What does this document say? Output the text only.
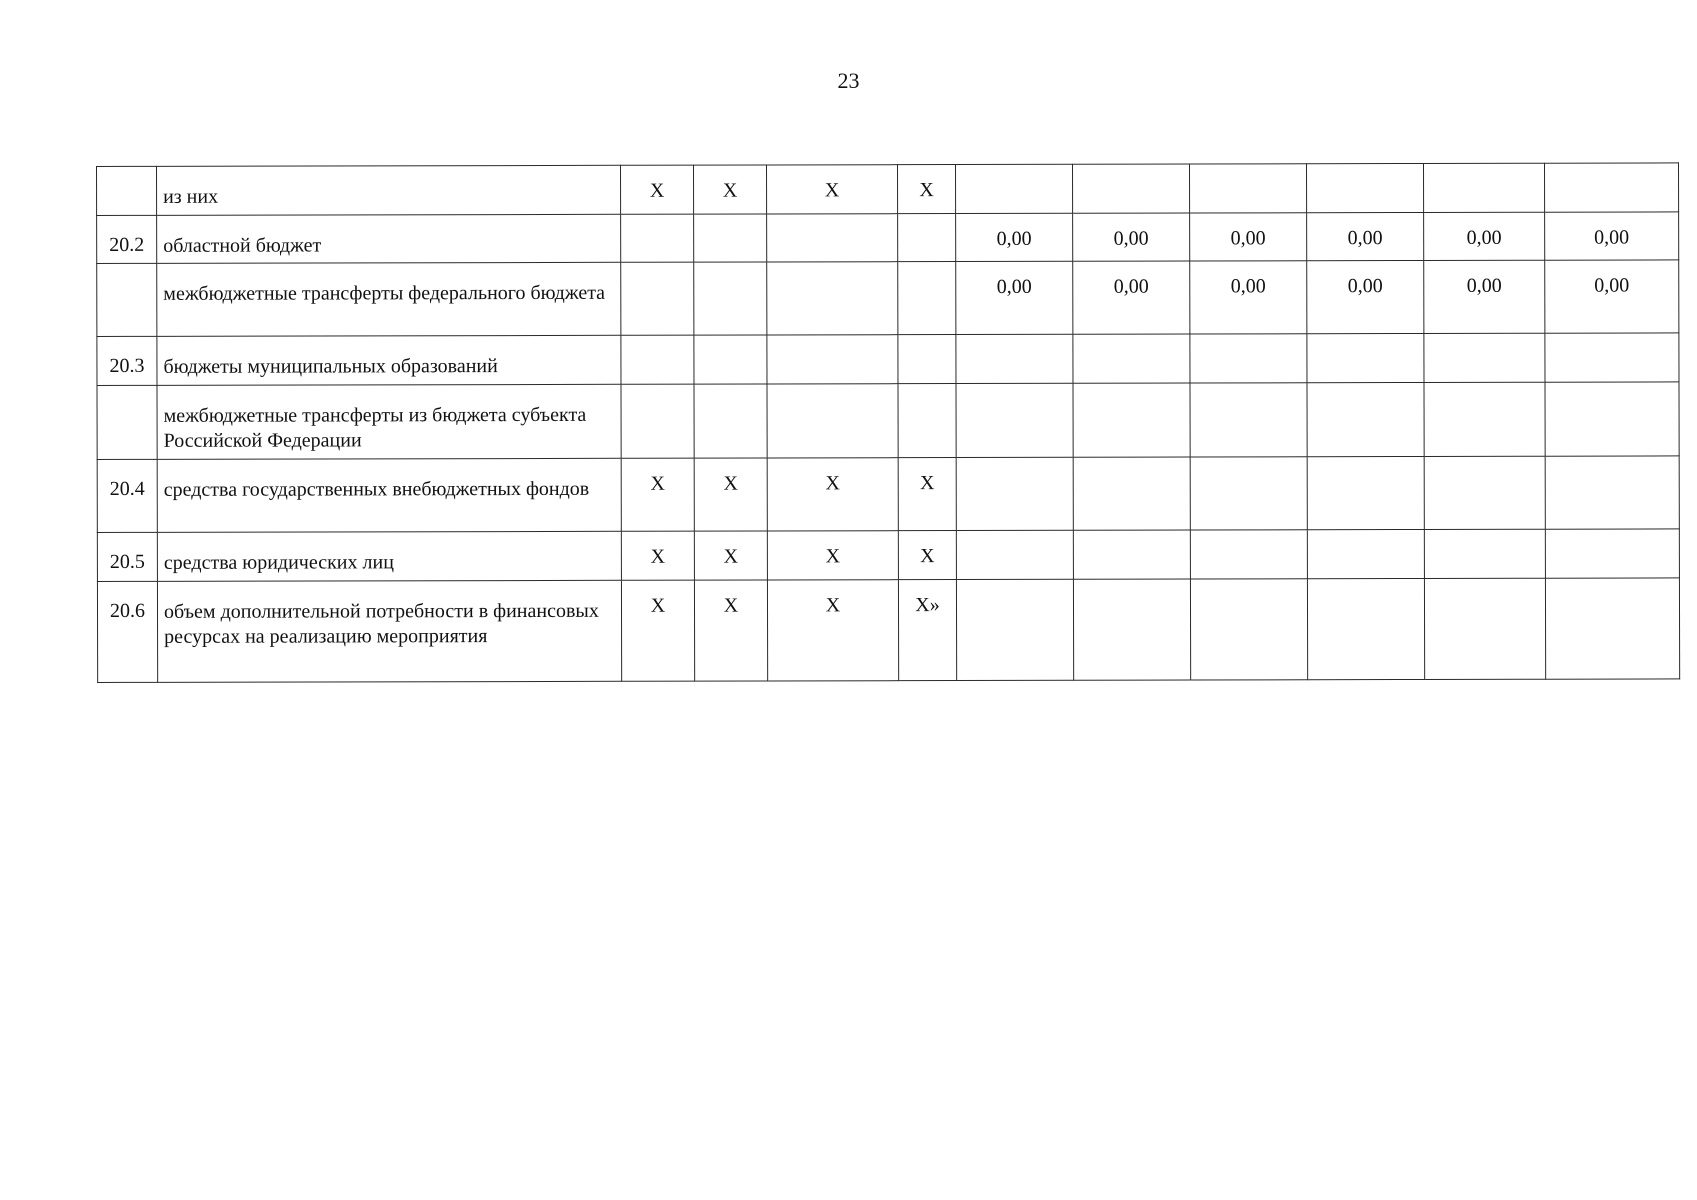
23
	из них	X	X	X	X						
20.2	областной бюджет					0,00	0,00	0,00	0,00	0,00	0,00
	межбюджетные трансферты федерального бюджета					0,00	0,00	0,00	0,00	0,00	0,00
20.3	бюджеты муниципальных образований										
	межбюджетные трансферты из бюджета субъекта Российской Федерации										
20.4	средства государственных внебюджетных фондов	X	X	X	X						
20.5	средства юридических лиц	X	X	X	X						
20.6	объем дополнительной потребности в финансовых ресурсах на реализацию мероприятия	X	X	X	X»						
